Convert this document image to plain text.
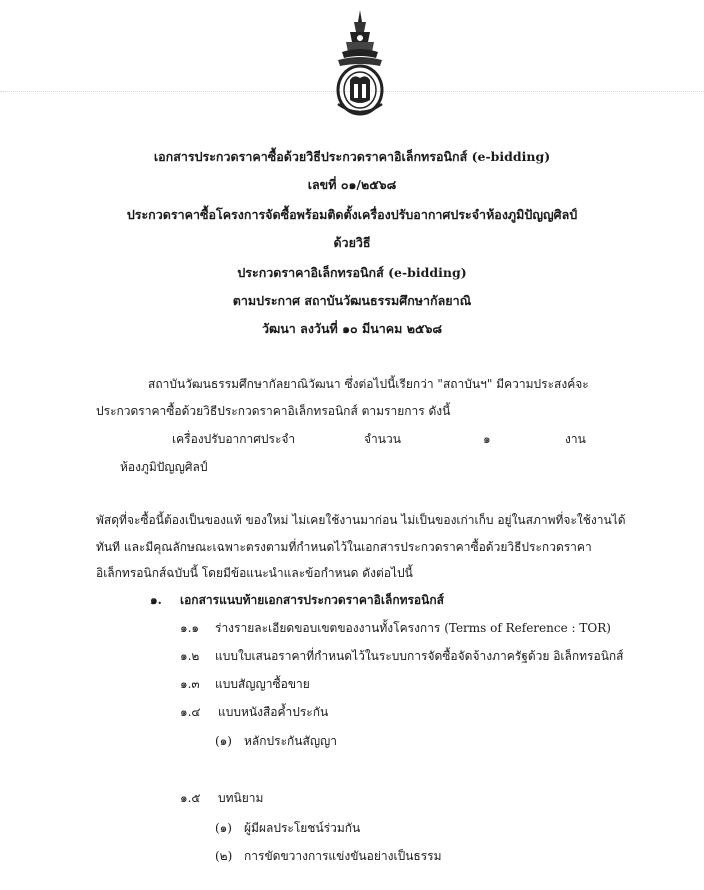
เอกสารประกวดราคาซื้อด้วยวิธีประกวดราคาอิเล็กทรอนิกส์ (e-bidding)
เลขที่ ๐๑/๒๕๖๘
ประกวดราคาซื้อโครงการจัดซื้อพร้อมติดตั้งเครื่องปรับอากาศประจำห้องภูมิปัญญศิลป์
ด้วยวิธี
ประกวดราคาอิเล็กทรอนิกส์ (e-bidding)
ตามประกาศ สถาบันวัฒนธรรมศึกษากัลยาณิ
วัฒนา ลงวันที่ ๑๐ มีนาคม ๒๕๖๘
สถาบันวัฒนธรรมศึกษากัลยาณิวัฒนา ซึ่งต่อไปนี้เรียกว่า "สถาบันฯ" มีความประสงค์จะ
ประกวดราคาซื้อด้วยวิธีประกวดราคาอิเล็กทรอนิกส์ ตามรายการ ดังนี้
เครื่องปรับอากาศประจำ	จำนวน	๑	งาน
ห้องภูมิปัญญศิลป์
พัสดุที่จะซื้อนี้ต้องเป็นของแท้ ของใหม่ ไม่เคยใช้งานมาก่อน ไม่เป็นของเก่าเก็บ อยู่ในสภาพที่จะใช้งานได้
ทันที และมีคุณลักษณะเฉพาะตรงตามที่กำหนดไว้ในเอกสารประกวดราคาซื้อด้วยวิธีประกวดราคา
อิเล็กทรอนิกส์ฉบับนี้ โดยมีข้อแนะนำและข้อกำหนด ดังต่อไปนี้
๑. เอกสารแนบท้ายเอกสารประกวดราคาอิเล็กทรอนิกส์
๑.๑ ร่างรายละเอียดขอบเขตของงานทั้งโครงการ (Terms of Reference : TOR)
๑.๒ แบบใบเสนอราคาที่กำหนดไว้ในระบบการจัดซื้อจัดจ้างภาครัฐด้วย อิเล็กทรอนิกส์
๑.๓ แบบสัญญาซื้อขาย
๑.๔ แบบหนังสือค้ำประกัน
(๑) หลักประกันสัญญา
๑.๕ บทนิยาม
(๑) ผู้มีผลประโยชน์ร่วมกัน
(๒) การขัดขวางการแข่งขันอย่างเป็นธรรม
